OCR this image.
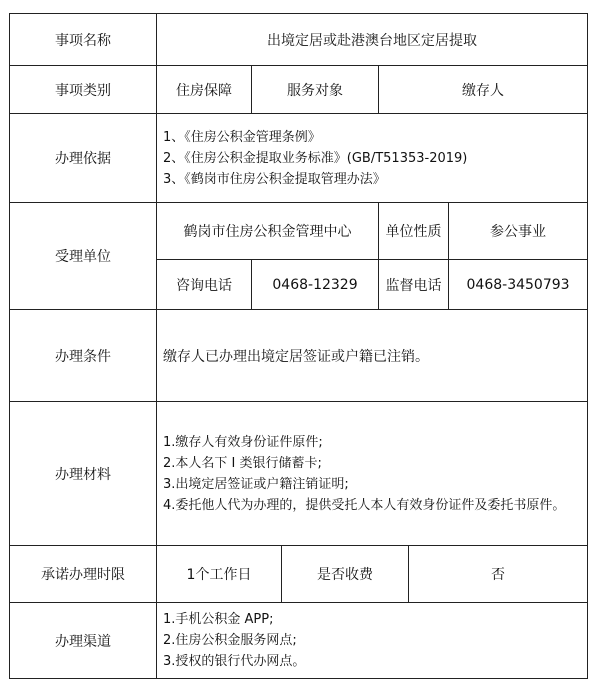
事项名称	出境定居或赴港澳台地区定居提取					
事项类别	住房保障	服务对象		缴存人		
办理依据	1、《住房公积金管理条例》
2、《住房公积金提取业务标准》(GB/T51353-2019)
3、《鹤岗市住房公积金提取管理办法》					

受理单位	鹤岗市住房公积金管理中心			单位性质		参公事业
	咨询电话	0468-12329		监督电话		0468-3450793
办理条件	缴存人已办理出境定居签证或户籍已注销。					
办理材料	1.缴存人有效身份证件原件;
2.本人名下 I 类银行储蓄卡;
3.出境定居签证或户籍注销证明;
4.委托他人代为办理的，提供受托人本人有效身份证件及委托书原件。					

承诺办理时限	1个工作日		是否收费		否	
办理渠道	1.手机公积金 APP;
2.住房公积金服务网点;
3.授权的银行代办网点。					
